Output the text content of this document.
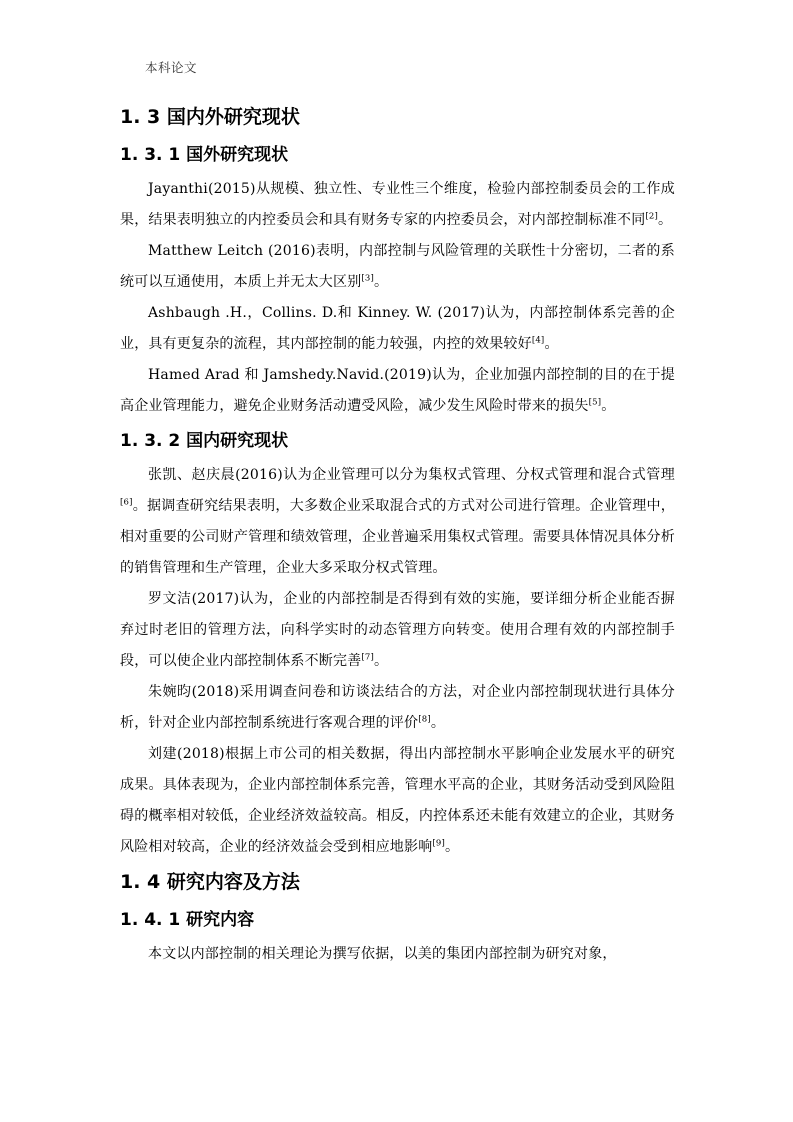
本科论文
1. 3 国内外研究现状
1. 3. 1 国外研究现状

Jayanthi(2015)从规模、独立性、专业性三个维度，检验内部控制委员会的工作成果，结果表明独立的内控委员会和具有财务专家的内控委员会，对内部控制标准不同[2]。

Matthew Leitch (2016)表明，内部控制与风险管理的关联性十分密切，二者的系统可以互通使用，本质上并无太大区别[3]。

Ashbaugh .H.，Collins. D.和 Kinney. W. (2017)认为，内部控制体系完善的企业，具有更复杂的流程，其内部控制的能力较强，内控的效果较好[4]。

Hamed Arad 和 Jamshedy.Navid.(2019)认为，企业加强内部控制的目的在于提高企业管理能力，避免企业财务活动遭受风险，减少发生风险时带来的损失[5]。

1. 3. 2 国内研究现状

张凯、赵庆晨(2016)认为企业管理可以分为集权式管理、分权式管理和混合式管理[6]。据调查研究结果表明，大多数企业采取混合式的方式对公司进行管理。企业管理中，相对重要的公司财产管理和绩效管理，企业普遍采用集权式管理。需要具体情况具体分析的销售管理和生产管理，企业大多采取分权式管理。

罗文洁(2017)认为，企业的内部控制是否得到有效的实施，要详细分析企业能否摒弃过时老旧的管理方法，向科学实时的动态管理方向转变。使用合理有效的内部控制手段，可以使企业内部控制体系不断完善[7]。

朱婉昀(2018)采用调查问卷和访谈法结合的方法，对企业内部控制现状进行具体分析，针对企业内部控制系统进行客观合理的评价[8]。

刘建(2018)根据上市公司的相关数据，得出内部控制水平影响企业发展水平的研究成果。具体表现为，企业内部控制体系完善，管理水平高的企业，其财务活动受到风险阻碍的概率相对较低，企业经济效益较高。相反，内控体系还未能有效建立的企业，其财务风险相对较高，企业的经济效益会受到相应地影响[9]。

1. 4 研究内容及方法
1. 4. 1 研究内容

本文以内部控制的相关理论为撰写依据，以美的集团内部控制为研究对象，
